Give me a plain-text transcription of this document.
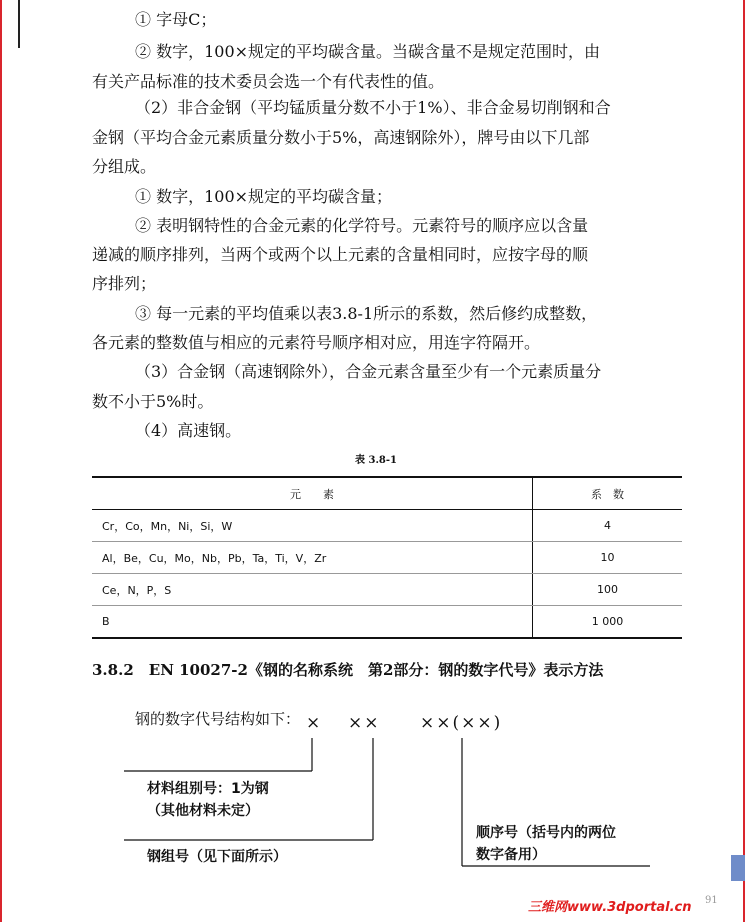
① 字母C；
② 数字，100×规定的平均碳含量。当碳含量不是规定范围时，由
有关产品标准的技术委员会选一个有代表性的值。
（2）非合金钢（平均锰质量分数不小于1%）、非合金易切削钢和合
金钢（平均合金元素质量分数小于5%，高速钢除外），牌号由以下几部
分组成。
① 数字，100×规定的平均碳含量；
② 表明钢特性的合金元素的化学符号。元素符号的顺序应以含量
递减的顺序排列，当两个或两个以上元素的含量相同时，应按字母的顺
序排列；
③ 每一元素的平均值乘以表3.8-1所示的系数，然后修约成整数，
各元素的整数值与相应的元素符号顺序相对应，用连字符隔开。
（3）合金钢（高速钢除外），合金元素含量至少有一个元素质量分
数不小于5%时。
（4）高速钢。
表 3.8-1
元　　素	系　数
Cr，Co，Mn，Ni，Si，W	4
Al，Be，Cu，Mo，Nb，Pb，Ta，Ti，V，Zr	10
Ce，N，P，S	100
B	1 000
3.8.2　EN 10027-2《钢的名称系统　第2部分：钢的数字代号》表示方法
钢的数字代号结构如下： × ×× ××(××)
材料组别号：1为钢
（其他材料未定）
钢组号（见下面所示）
顺序号（括号内的两位
数字备用）
91
三维网www.3dportal.cn
